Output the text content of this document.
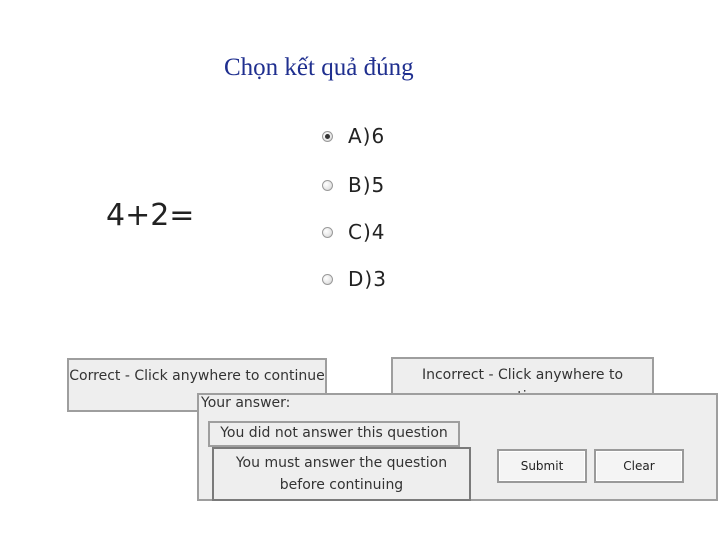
Chọn kết quả đúng
4+2=
A)6
B)5
C)4
D)3
Correct - Click anywhere to continue	Incorrect - Click anywhere to
Your answer:
You did not answer this question
You must answer the question before continuing
Submit	Clear
